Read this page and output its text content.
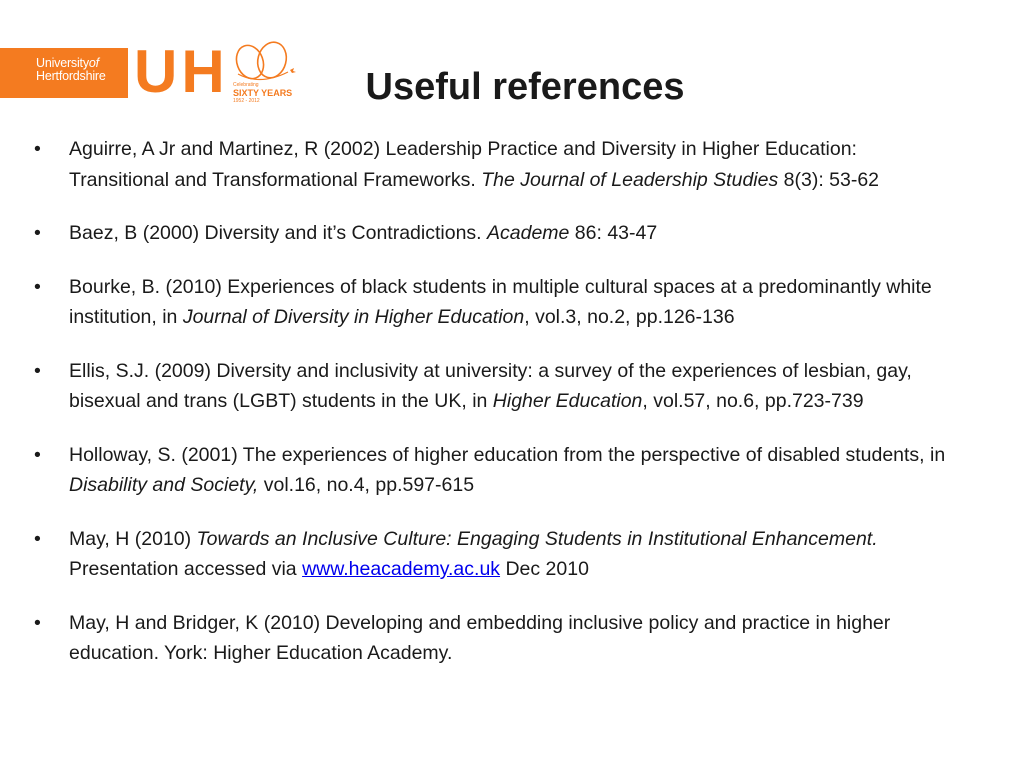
Universityof
Hertfordshire UH Celebrating
SIXTY YEARS
1952 - 2012	Useful references
•	Aguirre, A Jr and Martinez, R (2002) Leadership Practice and Diversity in Higher Education: Transitional and Transformational Frameworks. The Journal of Leadership Studies 8(3): 53-62
•	Baez, B (2000) Diversity and it’s Contradictions. Academe 86: 43-47
•	Bourke, B. (2010) Experiences of black students in multiple cultural spaces at a predominantly white institution, in Journal of Diversity in Higher Education, vol.3, no.2, pp.126-136
•	Ellis, S.J. (2009) Diversity and inclusivity at university: a survey of the experiences of lesbian, gay, bisexual and trans (LGBT) students in the UK, in Higher Education, vol.57, no.6, pp.723-739
•	Holloway, S. (2001) The experiences of higher education from the perspective of disabled students, in Disability and Society, vol.16, no.4, pp.597-615
•	May, H (2010) Towards an Inclusive Culture: Engaging Students in Institutional Enhancement. Presentation accessed via www.heacademy.ac.uk Dec 2010
•	May, H and Bridger, K (2010) Developing and embedding inclusive policy and practice in higher education. York: Higher Education Academy.
